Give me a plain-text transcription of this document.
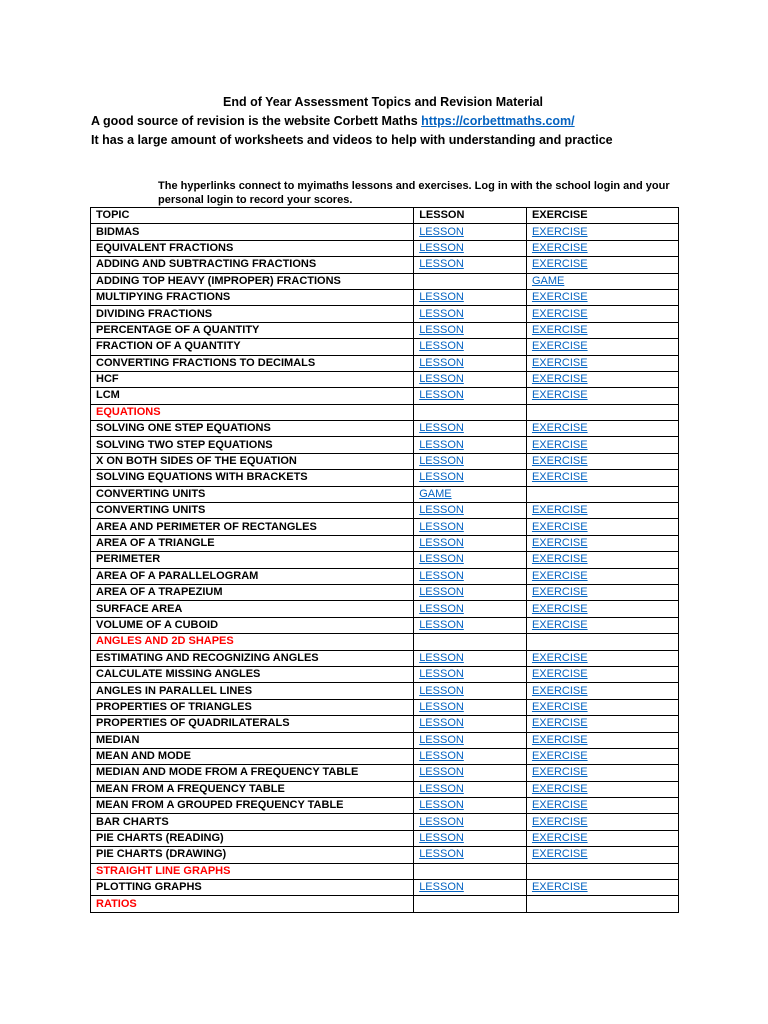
End of Year Assessment Topics and Revision Material
A good source of revision is the website Corbett Maths https://corbettmaths.com/
It has a large amount of worksheets and videos to help with understanding and practice
The hyperlinks connect to myimaths lessons and exercises. Log in with the school login and your personal login to record your scores.
TOPIC	LESSON	EXERCISE
BIDMAS	LESSON	EXERCISE
EQUIVALENT FRACTIONS	LESSON	EXERCISE
ADDING AND SUBTRACTING FRACTIONS	LESSON	EXERCISE
ADDING TOP HEAVY (IMPROPER) FRACTIONS		GAME
MULTIPYING FRACTIONS	LESSON	EXERCISE
DIVIDING FRACTIONS	LESSON	EXERCISE
PERCENTAGE OF A QUANTITY	LESSON	EXERCISE
FRACTION OF A QUANTITY	LESSON	EXERCISE
CONVERTING FRACTIONS TO DECIMALS	LESSON	EXERCISE
HCF	LESSON	EXERCISE
LCM	LESSON	EXERCISE
EQUATIONS		
SOLVING ONE STEP EQUATIONS	LESSON	EXERCISE
SOLVING TWO STEP EQUATIONS	LESSON	EXERCISE
X ON BOTH SIDES OF THE EQUATION	LESSON	EXERCISE
SOLVING EQUATIONS WITH BRACKETS	LESSON	EXERCISE
CONVERTING UNITS	GAME	
CONVERTING UNITS	LESSON	EXERCISE
AREA AND PERIMETER OF RECTANGLES	LESSON	EXERCISE
AREA OF A TRIANGLE	LESSON	EXERCISE
PERIMETER	LESSON	EXERCISE
AREA OF A PARALLELOGRAM	LESSON	EXERCISE
AREA OF A TRAPEZIUM	LESSON	EXERCISE
SURFACE AREA	LESSON	EXERCISE
VOLUME OF A CUBOID	LESSON	EXERCISE
ANGLES AND 2D SHAPES		
ESTIMATING AND RECOGNIZING ANGLES	LESSON	EXERCISE
CALCULATE MISSING ANGLES	LESSON	EXERCISE
ANGLES IN PARALLEL LINES	LESSON	EXERCISE
PROPERTIES OF TRIANGLES	LESSON	EXERCISE
PROPERTIES OF QUADRILATERALS	LESSON	EXERCISE
MEDIAN	LESSON	EXERCISE
MEAN AND MODE	LESSON	EXERCISE
MEDIAN AND MODE FROM A FREQUENCY TABLE	LESSON	EXERCISE
MEAN FROM A FREQUENCY TABLE	LESSON	EXERCISE
MEAN FROM A GROUPED FREQUENCY TABLE	LESSON	EXERCISE
BAR CHARTS	LESSON	EXERCISE
PIE CHARTS (READING)	LESSON	EXERCISE
PIE CHARTS (DRAWING)	LESSON	EXERCISE
STRAIGHT LINE GRAPHS		
PLOTTING GRAPHS	LESSON	EXERCISE
RATIOS		
